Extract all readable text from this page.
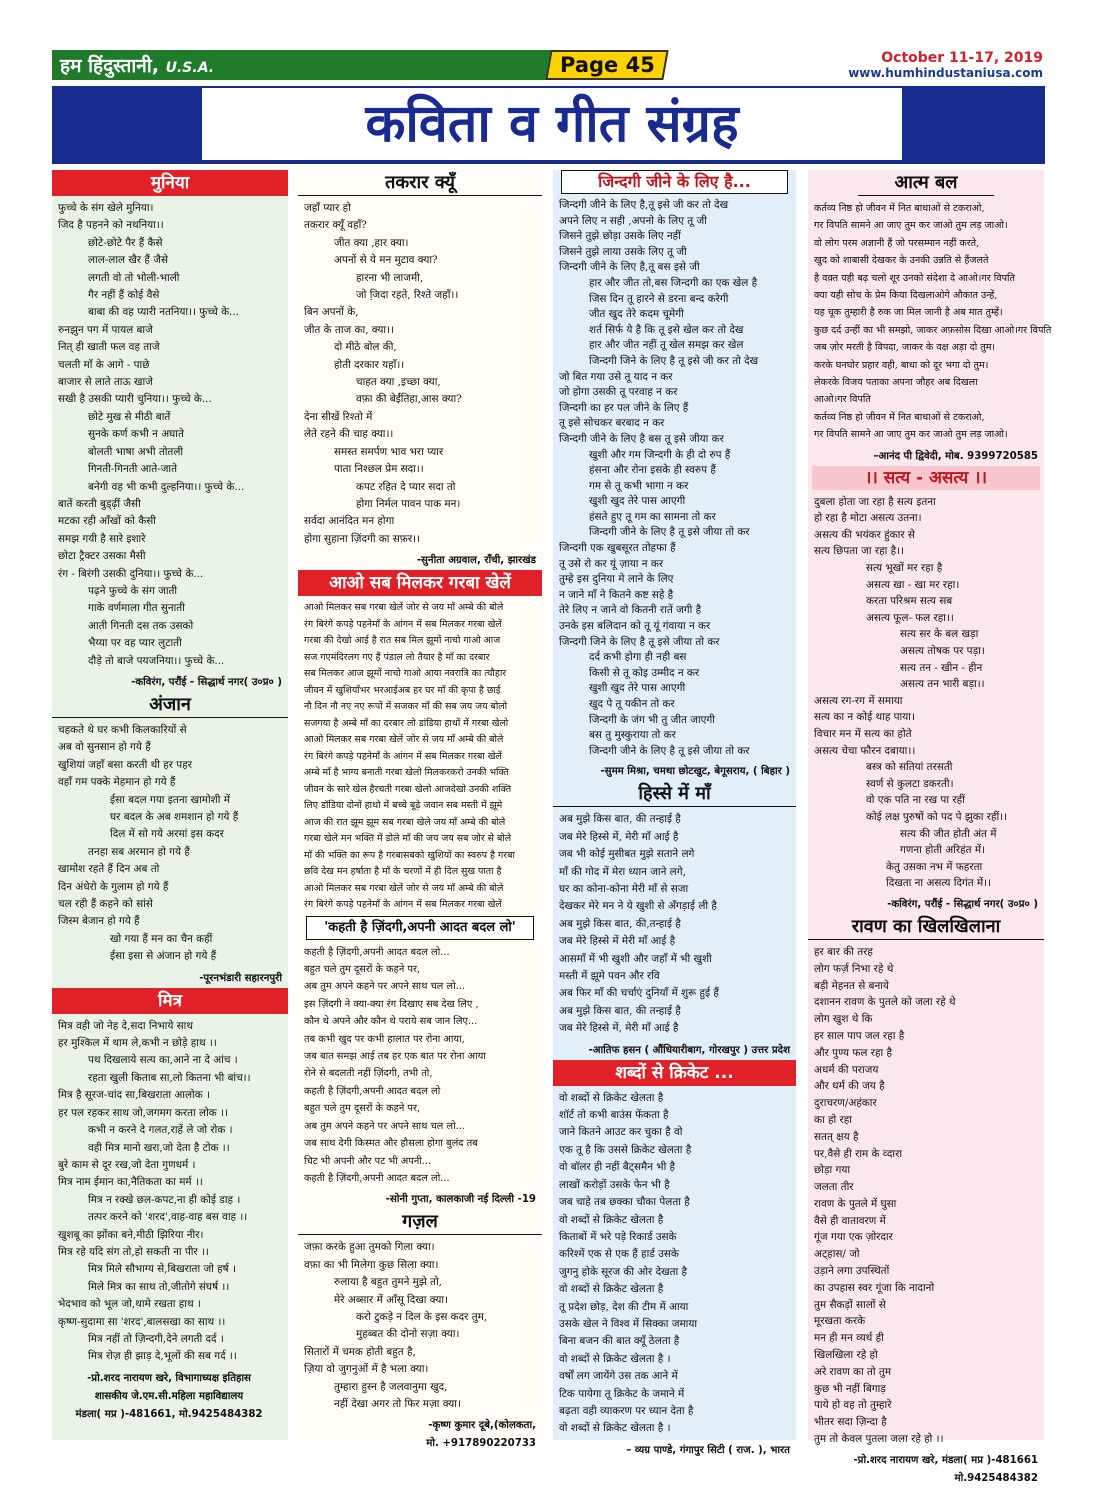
हम हिंदुस्तानी, U.S.A.	Page 45	October 11-17, 2019
www.humhindustaniusa.com
कविता व गीत संग्रह
मुनिया

फुच्चे के संग खेले मुनिया।

जिद है पहनने को नथनिया।।

छोटे-छोटे पैर हैं कैसे

लाल-लाल खैर हैं जैसे

लगती वो तो भोली-भाली

गैर नहीं हैं कोई वैसे

बाबा की वह प्यारी नतनिया।। फुच्चे के...

रुनझुन पग में पायल बाजे

नित् ही खाती फल वह ताजे

चलती माँ के आगे - पाछे

बाजार से लाते ताऊ खाजे

सखी है उसकी प्यारी चुनिया।। फुच्चे के...

छोटे मुख से मीठी बातें

सुनके कर्ण कभी न अघाते

बोलती भाषा अभी तोतली

गिनती-गिनती आते-जाते

बनेगी वह भी कभी दुल्हनिया।। फुच्चे के...

बातें करती बुड्ढ़ीं जैसी

मटका रही आँखों को कैसी

समझ गयी है सारे इशारे

छोटा ट्रैक्टर उसका मैसी

रंग - बिरंगी उसकी दुनिया।। फुच्चे के...

पढ़ने फुच्चे के संग जाती

गाके वर्णमाला गीत सुनाती

आती गिनती दस तक उसको

भैय्या पर वह प्यार लुटाती

दौड़े तो बाजे पयजनिया।। फुच्चे के...

-कविरंग, परौंई - सिद्धार्थ नगर( उ०प्र० )
अंजान

चहकते थे घर कभी किलकारियों से

अब वो सुनसान हो गये हैं

खुशियां जहाँ बसा करती थी हर पहर

वहाँ गम पक्के मेहमान हो गये हैं

ईसा बदल गया इतना खामोशी में

घर बदल के अब शमशान हो गये हैं

दिल में सो गये अरमां इस कदर

तनहा सब अरमान हो गये हैं

खामोश रहते हैं दिन अब तो

दिन अंधेरो के गुलाम हो गये हैं

चल रही हैं कहने को सांसे

जिस्म बेजान हो गये हैं

खो गया हैं मन का चैन कहीं

ईसा इसा से अंजान हो गये हैं

-पूरनभंडारी सहारनपुरी
मित्र

मित्र वही जो नेह दे,सदा निभाये साथ

हर मुश्किल में थाम ले,कभी न छोड़े हाथ ।।

पथ दिखलाये सत्य का,आने ना दे आंच ।

रहता खुली किताब सा,लो कितना भी बांच।।

मित्र है सूरज-चांद सा,बिखराता आलोक ।

हर पल रहकर साथ जो,जगमग करता लोक ।।

कभी न करने दे गलत,राहें ले जो रोक ।

वही मित्र मानो खरा,जो देता है टोक ।।

बुरे काम से दूर रख,जो देता गुणधर्म ।

मित्र नाम ईमान का,नैतिकता का मर्म ।।

मित्र न रक्खे छल-कपट,ना ही कोई डाह ।

तत्पर करने को 'शरद',वाह-वाह बस वाह ।।

खुशबू का झोंका बने,मीठी झिरिया नीर।

मित्र रहे यदि संग तो,हो सकती ना पीर ।।

मित्र मिले सौभाग्य से,बिखराता जो हर्ष ।

मिले मित्र का साथ तो,जीतोगे संघर्ष ।।

भेदभाव को भूल जो,थामे रखता हाथ ।

कृष्ण-सुदामा सा 'शरद',बालसखा का साथ ।।

मित्र नहीं तो ज़िन्दगी,देने लगती दर्द ।

मित्र रोज़ ही झाड़ दे,भूलों की सब गर्द ।।

-प्रो.शरद नारायण खरे, विभागाध्यक्ष इतिहास
शासकीय जे.एम.सी.महिला महाविद्यालय
मंडला( मप्र )-481661, मो.9425484382
तकरार क्यूँ

जहाँ प्यार हो

तकरार क्यूँ वहाँ?

जीत क्या ,हार क्या।

अपनों से ये मन मुटाव क्या?

हारना भी लाजमी,

जो जि़दा रहते, रिश्ते जहाँ।।

बिन अपनों के,

जीत के ताज का, क्या।।

दो मीठे बोल की,

होती दरकार यहाँ।।

चाहत क्या ,इच्छा क्या,

वफ़ा की बेईंतिहा,आस क्या?

देना सीखें रिश्तो में

लेते रहने की चाह क्या।।

समस्त समर्पण भाव भरा प्यार

पाता निश्छल प्रेम सदा।।

कपट रहित दे प्यार सदा तो

होगा निर्मल पावन पाक मन।

सर्वदा आनंदित मन होगा

होगा सुहाना ज़िंदगी का सफ़र।।

-सुनीता अग्रवाल, राँची, झारखंड
आओ सब मिलकर गरबा खेलें

आओ मिलकर सब गरबा खेलें जोर से जय माँ अम्बे की बोले

रंग बिरंगे कपड़े पहनेमाँ के आंगन में सब मिलकर गरबा खेलें

गरबा की देखो आई है रात सब मिल झूमों नाचो गाओ आज

सज गएमंदिरलग गए हैं पंडाल लो तैयार है माँ का दरबार

सब मिलकर आज झूमों नाचो गाओ आया नवरात्रि का त्यौहार

जीवन में खुशियाँभर भरआईअब हर घर माँ की कृपा है छाई

नौ दिन नौ नए नए रूपों में सजकर माँ की सब जय जय बोलो

सजगया है अम्बे माँ का दरबार लो डांडिया हाथों में गरबा खेलो

आओ मिलकर सब गरबा खेलें जोर से जय माँ अम्बे की बोले

रंग बिरंगे कपड़े पहनेमाँ के आंगन में सब मिलकर गरबा खेलें

अम्बे माँ है भाग्य बनाती गरबा खेलो मिलकरकरो उनकी भक्ति

जीवन के सारे खेल हैरचती गरबा खेलो आजदेखो उनकी शक्ति

लिए डॉडिया दोनों हाथो में बच्चे बूढ़े जवान सब मस्ती में झूमे

आज की रात झूम झूम सब गरबा खेले जय माँ अम्बे की बोले

गरबा खेले मन भक्ति में डोले माँ की जय जय सब जोर से बोले

माँ की भक्ति का रूप है गरबासबको खुशियों का स्वरुप है गरबा

छवि देख मन हर्षाता है माँ के चरणों में ही दिल सुख पाता है

आओ मिलकर सब गरबा खेलें जोर से जय माँ अम्बे की बोले

रंग बिरंगे कपड़े पहनेमाँ के आंगन में सब मिलकर गरबा खेलें

'कहती है ज़िंदगी,अपनी आदत बदल लो'

कहती है ज़िंदगी,अपनी आदत बदल लो...

बहुत चले तुम दूसरों के कहने पर,

अब तुम अपने कहने पर अपने साथ चल लो...

इस ज़िंदगी ने क्या-क्या रंग दिखाए सब देख लिए ,

कौन थे अपने और कौन थे पराये सब जान लिए...

तब कभी खुद पर कभी हालात पर रोना आया,

जब बात समझ आई तब हर एक बात पर रोना आया

रोने से बदलती नहीं ज़िंदगी, तभी तो,

कहती है ज़िंदगी,अपनी आदत बदल लो

बहुत चले तुम दूसरों के कहने पर,

अब तुम अपने कहने पर अपने साथ चल लो...

जब साथ देगी किस्मत और हौसला होगा बुलंद तब

चिट भी अपनी और पट भी अपनी...

कहती है ज़िंदगी,अपनी आदत बदल लो...

-सोनी गुप्ता, कालकाजी नई दिल्ली -19
गज़ल

जफ़ा करके हुआ तुमको गिला क्या।

वफ़ा का भी मिलेगा कुछ सिला क्या।

रुलाया है बहुत तुमने मुझे तो,

मेरे अब्सार में आँसू दिखा क्या।

करो टुकड़े न दिल के इस कदर तुम,

मुहब्बत की दोनो सज़ा क्या।

सितारों में चमक होती बहुत है,

ज़िया वो जुगनुओं में है भला क्या।

तुम्हारा हुस्न है जलवानुमा खुद,

नहीं देखा अगर तो फिर मज़ा क्या।

-कृष्ण कुमार दूबे,(कोलकता,
मो. +917890220733
जिन्दगी जीने के लिए है...

जिन्दगी जीने के लिए है,तू इसे जी कर तो देख

अपने लिए न सही ,अपनो के लिए तू जी

जिसने तुझे छोड़ा उसके लिए नहीं

जिसने तुझे लाया उसके लिए तू जी

जिन्दगी जीने के लिए है,तू बस इसे जी

हार और जीत तो,बस जिन्दगी का एक खेल है

जिस दिन तू हारने से डरना बन्द करेगी

जीत खुद तेरे कदम चूमेगी

शर्त सिर्फ ये है कि तू इसे खेल कर तो देख

हार और जीत नहीं तू खेल समझ कर खेल

जिन्दगी जिने के लिए है तू इसे जी कर तो देख

जो बित गया उसे तू याद न कर

जो होगा उसकी तू परवाह न कर

जिन्दगी का हर पल जीने के लिए हैं

तू इसे सोचकर बरबाद न कर

जिन्दगी जीने के लिए है बस तू इसे जीया कर

खुशी और गम जिन्दगी के ही दो रुप हैं

हंसना और रोना इसके ही स्वरुप हैं

गम से तू कभी भागा न कर

खुशी खुद तेरे पास आएगी

हंसते हुए तू गम का सामना तो कर

जिन्दगी जीने के लिए है तू इसे जीया तो कर

जिन्दगी एक खुबसूरत तोहफा हैं

तू उसे रो कर यूं ज़ाया न कर

तुम्हे इस दुनिया मे लाने के लिए

न जाने माँ ने कितने कष्ट सहे है

तेरे लिए न जाने वो कितनी रातें जगी है

उनके इस बलिदान को तू यूं गंवाया न कर

जिन्दगी जिने के लिए है तू इसे जीया तो कर

दर्द कभी होगा ही नही बस

किसी से तू कोइ उम्मीद न कर

खुशी खुद तेरे पास आएगी

खुद पे तू यकीन तो कर

जिन्दगी के जंग भी तु जीत जाएगी

बस तु मुस्कुराया तो कर

जिन्दगी जीने के लिए है तू इसे जीया तो कर

-सुमम मिश्रा, चमथा छोटखुट, बेगूसराय, ( बिहार )
हिस्से में माँ

अब मुझे किस बात, की तन्हाई है

जब मेरे हिस्से में, मेरी माँ आई है

जब भी कोई मुसीबत मुझे सताने लगे

माँ की गोद में मेरा ध्यान जाने लगे,

घर का कोना-कोना मेरी माँ से सजा

देखकर मेरे मन ने ये खुशी से अँगड़ाई ली है

अब मुझे किस बात, की,तन्हाई है

जब मेरे हिस्से में मेरी माँ आई है

आसमाँ में भी खुशी और जहाँ में भी खुशी

मस्ती में झूमे पवन और रवि

अब फिर माँ की चर्चाएं दुनियाँ में शुरू हुई हैं

अब मुझे किस बात, की तन्हाई है

जब मेरे हिस्से में, मेरी माँ आई है

-आतिफ हसन ( औंधियारीबाग, गोरखपुर ) उत्तर प्रदेश
शब्दों से क्रिकेट ...

वो शब्दों से क्रिकेट खेलता है

शॉर्ट तो कभी बाउंस फेंकता है

जाने कितने आउट कर चुका है वो

एक तू है कि उससे क्रिकेट खेलता है

वो बॉलर ही नहीं बैट्समैन भी है

लाखों करोड़ों उसके फेन भी है

जब चाहे तब छक्का चौका पेलता है

वो शब्दों से क्रिकेट खेलता है

किताबों में भरे पड़े रिकार्ड उसके

करिश्में एक से एक हैं हार्ड उसके

जुगनु होके सूरज की ओर देखता है

वो शब्दों से क्रिकेट खेलता है

तू प्रदेश छोड़, देश की टीम में आया

उसके खेल ने विश्व में सिक्का जमाया

बिना बजन की बात क्यूँ ठेलता है

वो शब्दों से क्रिकेट खेलता है ।

वर्षों लग जायेंगे उस तक आने में

टिक पायेगा तू क्रिकेट के जमाने में

बढ़ता वही व्याकरण पर ध्यान देता है

वो शब्दों से क्रिकेट खेलता है ।

– व्यग्र पाण्डे, गंगापुर सिटी ( राज. ), भारत
आत्म बल

कर्तव्य निष्ठ हो जीवन में नित बाधाओं से टकराओ,

गर विपति सामने आ जाए तुम कर जाओ तुम लड़ जाओ।

वो लोग परम अज्ञानी हैं जो परसम्मान नहीं करते,

खुद को शाबासी देखकर के उनकी उन्नति से हैंजलते

है वक़्त यही बढ़ चलो शूर उनको संदेशा दे आओ।गर विपति

क्या यही सोच के प्रेम किया दिखलाओगे औकात उन्हें,

यह चूक तुम्हारी है रुक जा मिल जानी है अब मात तुम्हें।

कुछ दर्द उन्हीं का भी समझो, जाकर अफ़सोस दिखा आओ।गर विपति

जब ज़ोर मरती है विपदा, जाकर के वक्ष अड़ा दो तुम।

करके घनघोर प्रहार वही, बाधा को दूर भगा दो तुम।

लेकरके विजय पताका अपना जौहर अब दिखला

आओ।गर विपति

कर्तव्य निष्ठ हो जीवन में नित बाधाओं से टकराओ,

गर विपति सामने आ जाए तुम कर जाओ तुम लड़ जाओ।

–आनंद पी द्विवेदी, मोब. 9399720585
।। सत्य - असत्य ।।

दुबला होता जा रहा है सत्य इतना

हो रहा है मोटा असत्य उतना।

असत्य की भयंकर हुंकार से

सत्य छिपता जा रहा है।।

सत्य भूखों मर रहा है

असत्य खा - खा मर रहा।

करता परिश्रम सत्य सब

असत्य फूल- फल रहा।।

सत्य सर के बल खड़ा

असत्य तोषक पर पड़ा।

सत्य तन - खीन - हीन

असत्य तन भारी बड़ा।।

असत्य रग-रग में समाया

सत्य का न कोई थाह पाया।

विचार मन में सत्य का होते

असत्य चेचा फौरन दबाया।।

बस्त्र को सतियां तरसती

स्वर्ण से कुलटा डकरती।

वो एक पति ना रख पा रहीं

कोई लक्ष पुरुषों को पद पे झुका रहीं।।

सत्य की जीत होती अंत में

गणना होती अरिहंत में।

केतु उसका नभ में फहरता

दिखता ना असत्य दिगंत में।।

-कविरंग, परौंई - सिद्धार्थ नगर( उ०प्र० )
रावण का खिलखिलाना

हर बार की तरह

लोग फर्ज़ निभा रहे थे

बड़ी मेहनत से बनाये

दशानन रावण के पुतले को जला रहे थे

लोग खुश थे कि

हर साल पाप जल रहा है

और पुण्य फल रहा है

अधर्म की पराजय

और धर्म की जय है

दुराचरण/अहंकार

का हो रहा

सतत् क्षय है

पर,वैसे ही राम के व्दारा

छोड़ा गया

जलता तीर

रावण के पुतले में घुसा

वैसे ही वातावरण में

गूंज गया एक ज़ोरदार

अट्हास/ जो

उड़ाने लगा उपस्थितों

का उपहास स्वर गूंजा कि नादानो

तुम सैकड़ों सालों से

मूरखता करके

मन ही मन व्यर्थ ही

खिलखिला रहे हो

अरे रावण का तो तुम

कुछ भी नहीं बिगाड़

पाये हो वह तो तुम्हारे

भीतर सदा ज़िन्दा है

तुम तो केवल पुतला जला रहे हो ।।

-प्रो.शरद नारायण खरे, मंडला( मप्र )-481661
मो.9425484382
